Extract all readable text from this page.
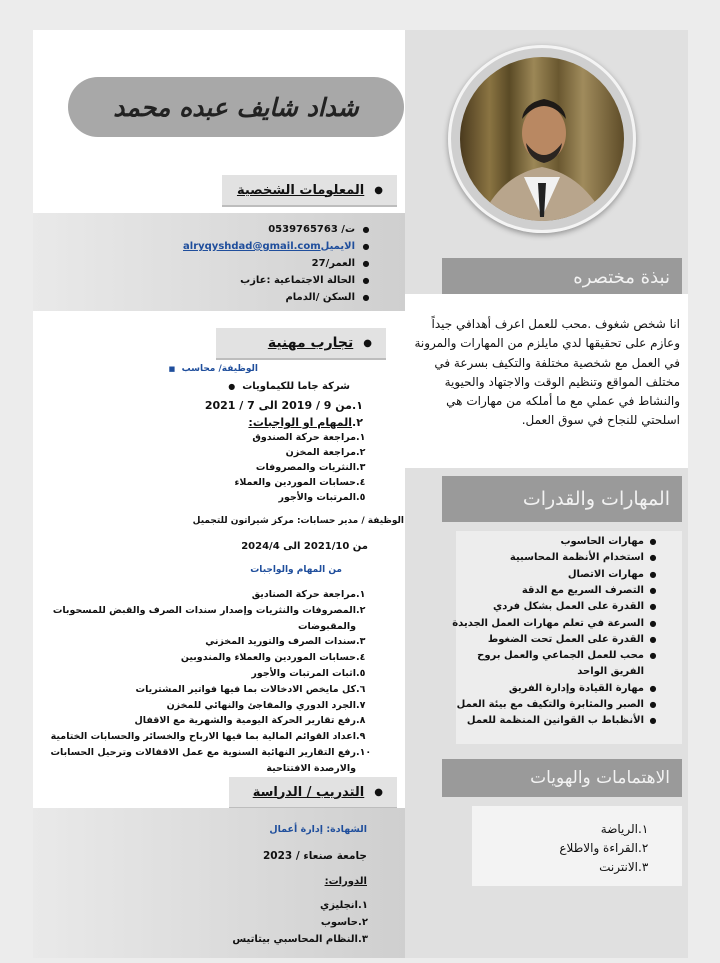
شداد شايف عبده محمد
المعلومات الشخصية ●
●
ت/

0539765763
●
الايميل
alryqyshdad@gmail.com
●
العمر/
27
●
الحالة الاجتماعية :
عازب
●
السكن /
الدمام
تجارب مهنية ●
الوظيفة/ محاسب  ■
شركة جاما للكيماويات  ●
١.من 9 / 2019 الى 7 / 2021
٢.المهام او الواجبات:
١.مراجعة حركة الصندوق
٢.مراجعة المخزن
٣.النثريات والمصروفات
٤.حسابات الموردين والعملاء
٥.المرتبات والأجور
الوظيفة / مدير حسابات: مركز شيراتون للتجميل
من 2021/10 الى 2024/4
من المهام والواجبات
١.مراجعة حركة الصناديق
٢.المصروفات والنثريات وإصدار سندات الصرف والقبض للمسحوبات
والمقبوضات
٣.سندات الصرف والتوريد المخزني
٤.حسابات الموردين والعملاء والمندوبين
٥.اثبات المرتبات والأجور
٦.كل مايخص الادخالات بما فيها فواتير المشتريات
٧.الجرد الدوري والمفاجئ والنهائي للمخزن
٨.رفع تقارير الحركة اليومية والشهرية مع الاقفال
٩.اعداد القوائم المالية بما فيها الارباح والخسائر والحسابات الختامية
١٠.رفع التقارير النهائية السنوية مع عمل الاقفالات وترحيل الحسابات
والارصدة الافتتاحية
التدريب / الدراسة ●
الشهادة: إدارة أعمال
جامعة صنعاء / 2023
الدورات:
١.انجليزي
٢.حاسوب
٣.النظام المحاسبي بيتاتيس
نبذة مختصره
انا شخص شغوف .محب للعمل اعرف أهدافي جيداً وعازم على تحقيقها لدي مايلزم من المهارات والمرونة في العمل مع شخصية مختلفة والتكيف بسرعة في مختلف المواقع وتنظيم الوقت والاجتهاد والحيوية والنشاط في عملي مع ما أملكه من مهارات هي اسلحتي للنجاح في سوق العمل.
المهارات والقدرات
●مهارات الحاسوب
●استخدام الأنظمة المحاسبية
●مهارات الاتصال
●التصرف السريع مع الدقة
●القدرة على العمل بشكل فردي
●السرعة في تعلم مهارات العمل الجديدة
●القدرة على العمل تحت الضغوط
●محب للعمل الجماعي والعمل بروح
الفريق الواحد
●مهارة القيادة وإدارة الفريق
●الصبر والمثابرة والتكيف مع بيئة العمل
●الأنظباط ب القوانين المنظمة للعمل
الاهتمامات والهويات
١.الرياضة
٢.القراءة والاطلاع
٣.الانترنت
